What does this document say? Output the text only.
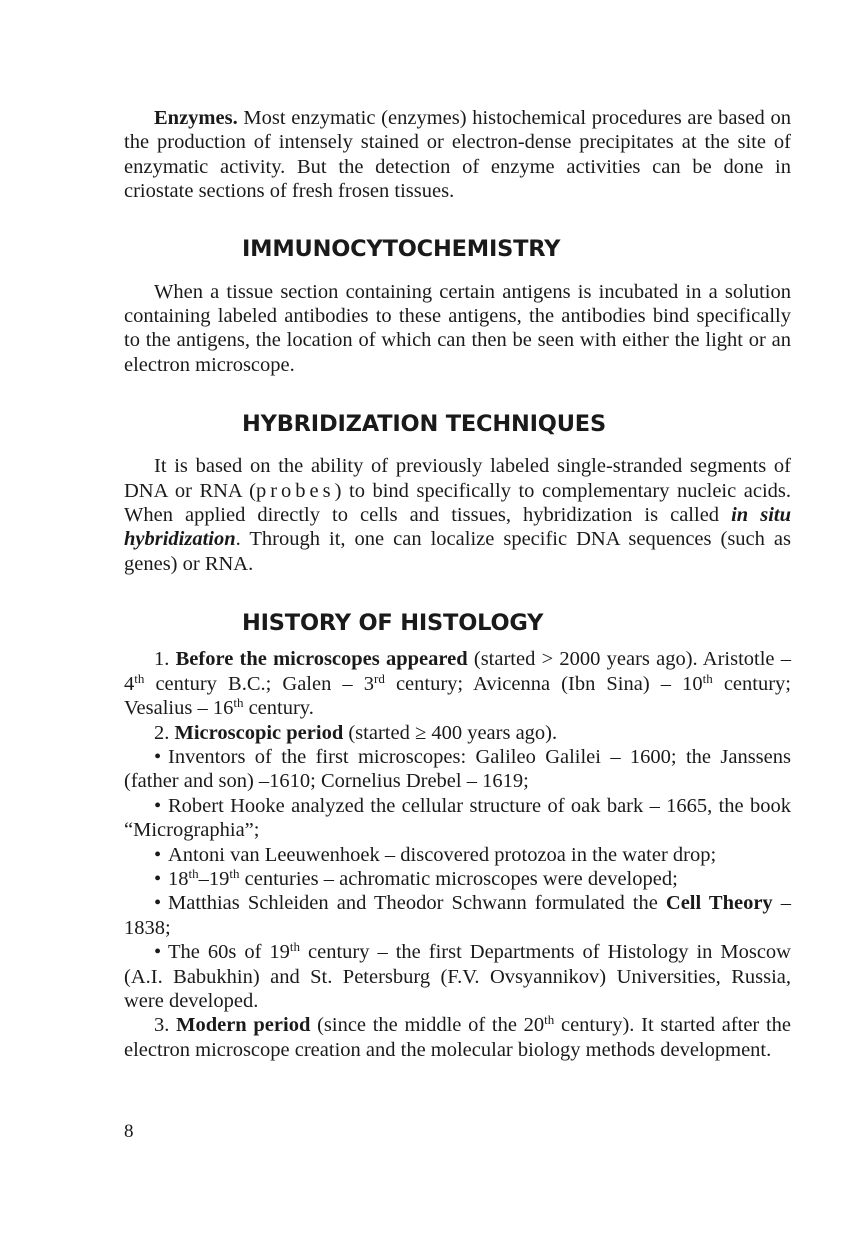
Enzymes. Most enzymatic (enzymes) histochemical procedures are based on the production of intensely stained or electron-dense precipitates at the site of enzymatic activity. But the detection of enzyme activities can be done in criostate sections of fresh frosen tissues.

IMMUNOCYTOCHEMISTRY

When a tissue section containing certain antigens is incubated in a solution containing labeled antibodies to these antigens, the antibodies bind specifically to the antigens, the location of which can then be seen with either the light or an electron microscope.

HYBRIDIZATION TECHNIQUES

It is based on the ability of previously labeled single-stranded segments of DNA or RNA (probes) to bind specifically to complementary nucleic acids. When applied directly to cells and tissues, hybridization is called in situ hybridization. Through it, one can localize specific DNA sequences (such as genes) or RNA.

HISTORY OF HISTOLOGY

1. Before the microscopes appeared (started > 2000 years ago). Aristotle – 4th century B.C.; Galen – 3rd century; Avicenna (Ibn Sina) – 10th century; Vesalius – 16th century.

2. Microscopic period (started ≥ 400 years ago).

• Inventors of the first microscopes: Galileo Galilei – 1600; the Janssens (father and son) –1610; Cornelius Drebel – 1619;

• Robert Hooke analyzed the cellular structure of oak bark – 1665, the book “Micrographia”;

• Antoni van Leeuwenhoek – discovered protozoa in the water drop;

• 18th–19th centuries – achromatic microscopes were developed;

• Matthias Schleiden and Theodor Schwann formulated the Cell Theory – 1838;

• The 60s of 19th century – the first Departments of Histology in Moscow (A.I. Babukhin) and St. Petersburg (F.V. Ovsyannikov) Universities, Russia, were developed.

3. Modern period (since the middle of the 20th century). It started after the electron microscope creation and the molecular biology methods development.

8
